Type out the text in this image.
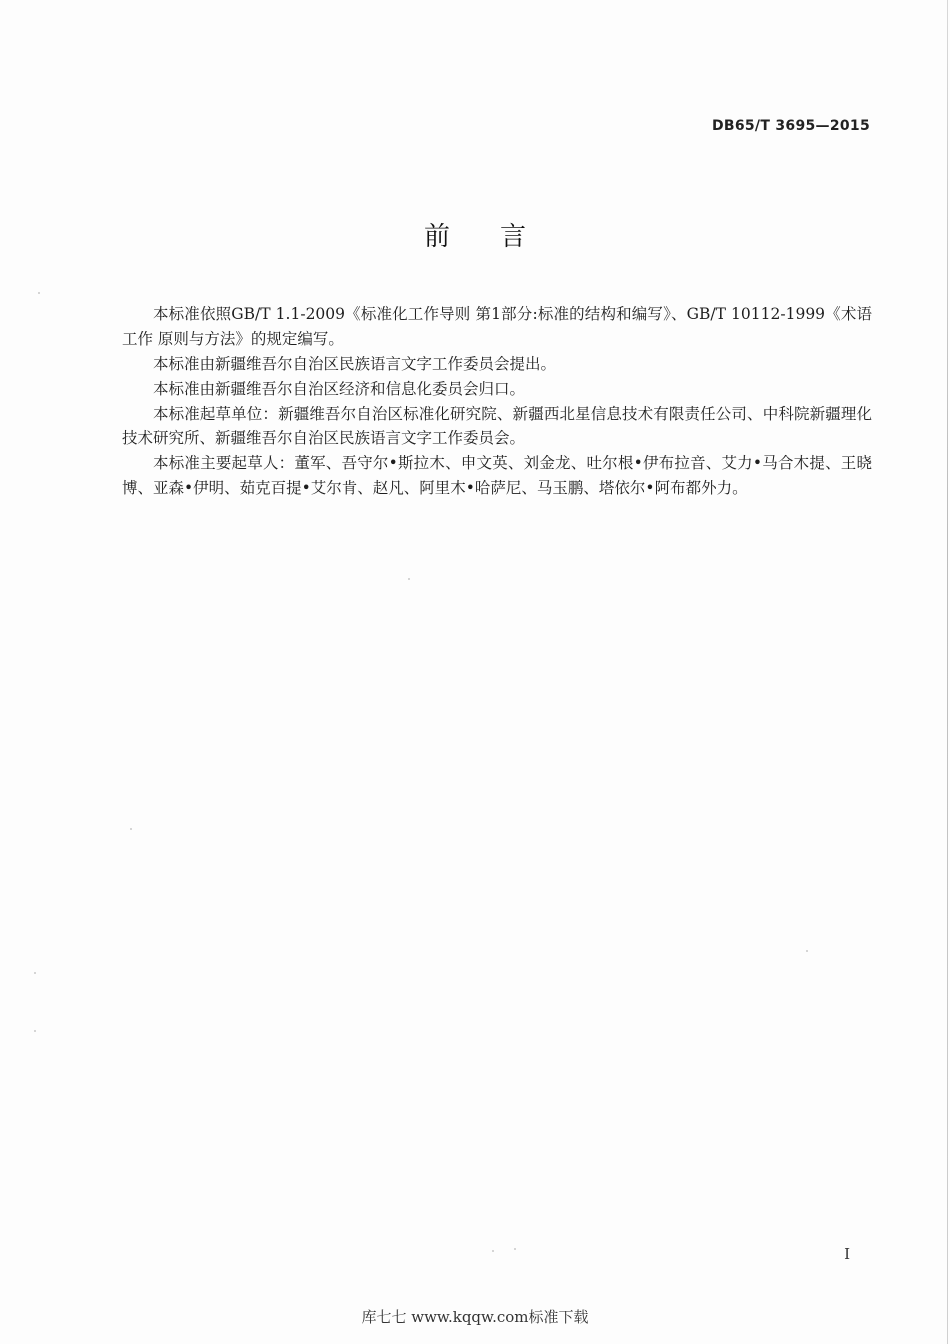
DB65/T 3695—2015
前言

本标准依照GB/T 1.1-2009《标准化工作导则 第1部分:标准的结构和编写》、GB/T 10112-1999《术语工作 原则与方法》的规定编写。

本标准由新疆维吾尔自治区民族语言文字工作委员会提出。

本标准由新疆维吾尔自治区经济和信息化委员会归口。

本标准起草单位：新疆维吾尔自治区标准化研究院、新疆西北星信息技术有限责任公司、中科院新疆理化技术研究所、新疆维吾尔自治区民族语言文字工作委员会。

本标准主要起草人：董军、吾守尔•斯拉木、申文英、刘金龙、吐尔根•伊布拉音、艾力•马合木提、王晓博、亚森•伊明、茹克百提•艾尔肯、赵凡、阿里木•哈萨尼、马玉鹏、塔依尔•阿布都外力。

I
库七七 www.kqqw.com标准下载
